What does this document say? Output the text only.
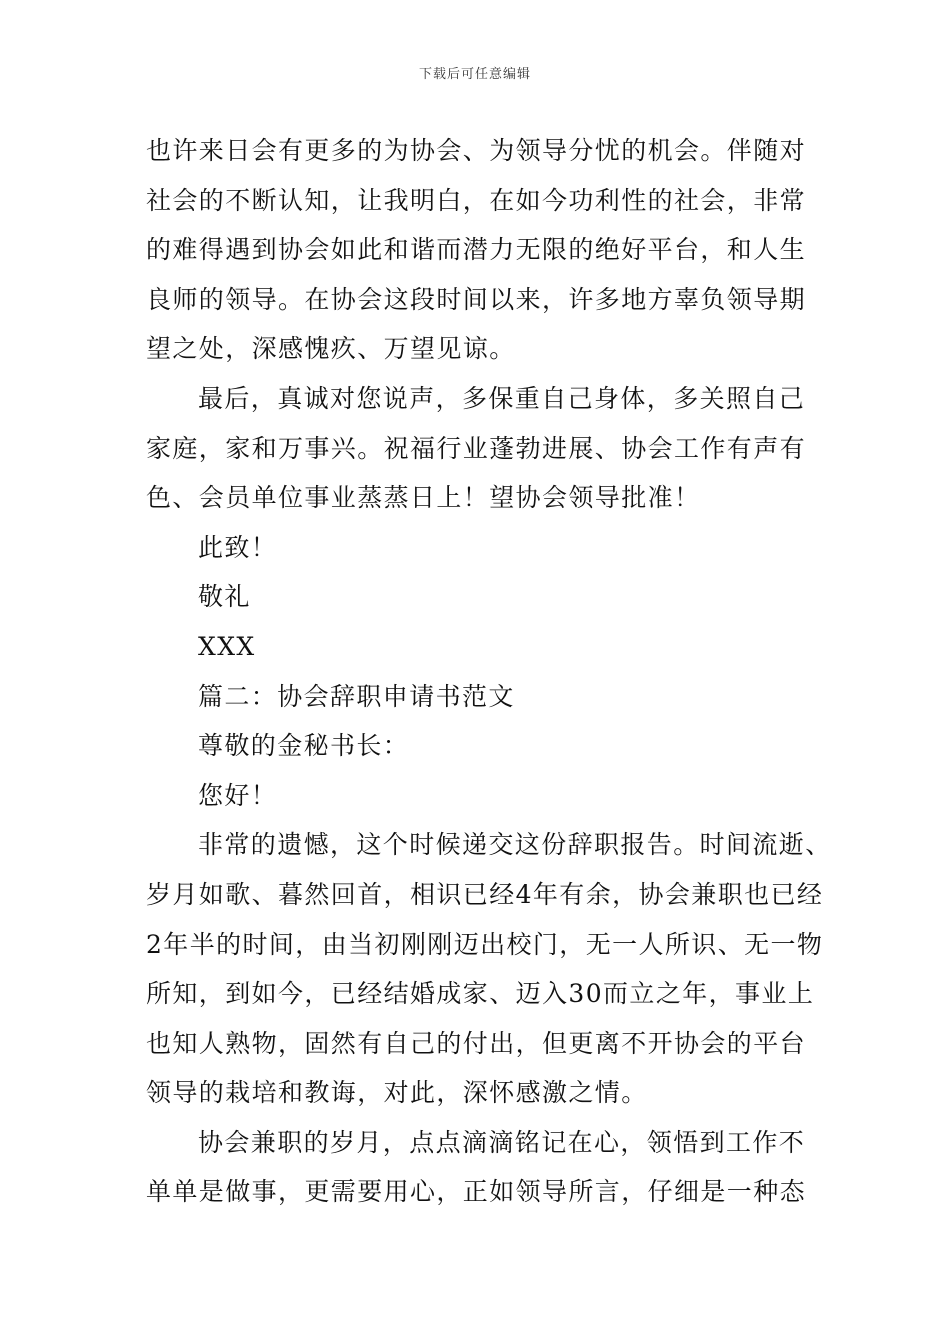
下载后可任意编辑
也许来日会有更多的为协会、为领导分忧的机会。伴随对
社会的不断认知，让我明白，在如今功利性的社会，非常
的难得遇到协会如此和谐而潜力无限的绝好平台，和人生
良师的领导。在协会这段时间以来，许多地方辜负领导期
望之处，深感愧疚、万望见谅。
最后，真诚对您说声，多保重自己身体，多关照自己
家庭，家和万事兴。祝福行业蓬勃进展、协会工作有声有
色、会员单位事业蒸蒸日上！望协会领导批准！
此致！
敬礼
XXX
篇二：协会辞职申请书范文
尊敬的金秘书长：
您好！
非常的遗憾，这个时候递交这份辞职报告。时间流逝、
岁月如歌、暮然回首，相识已经4年有余，协会兼职也已经
2年半的时间，由当初刚刚迈出校门，无一人所识、无一物
所知，到如今，已经结婚成家、迈入30而立之年，事业上
也知人熟物，固然有自己的付出，但更离不开协会的平台
领导的栽培和教诲，对此，深怀感激之情。
协会兼职的岁月，点点滴滴铭记在心，领悟到工作不
单单是做事，更需要用心，正如领导所言，仔细是一种态
